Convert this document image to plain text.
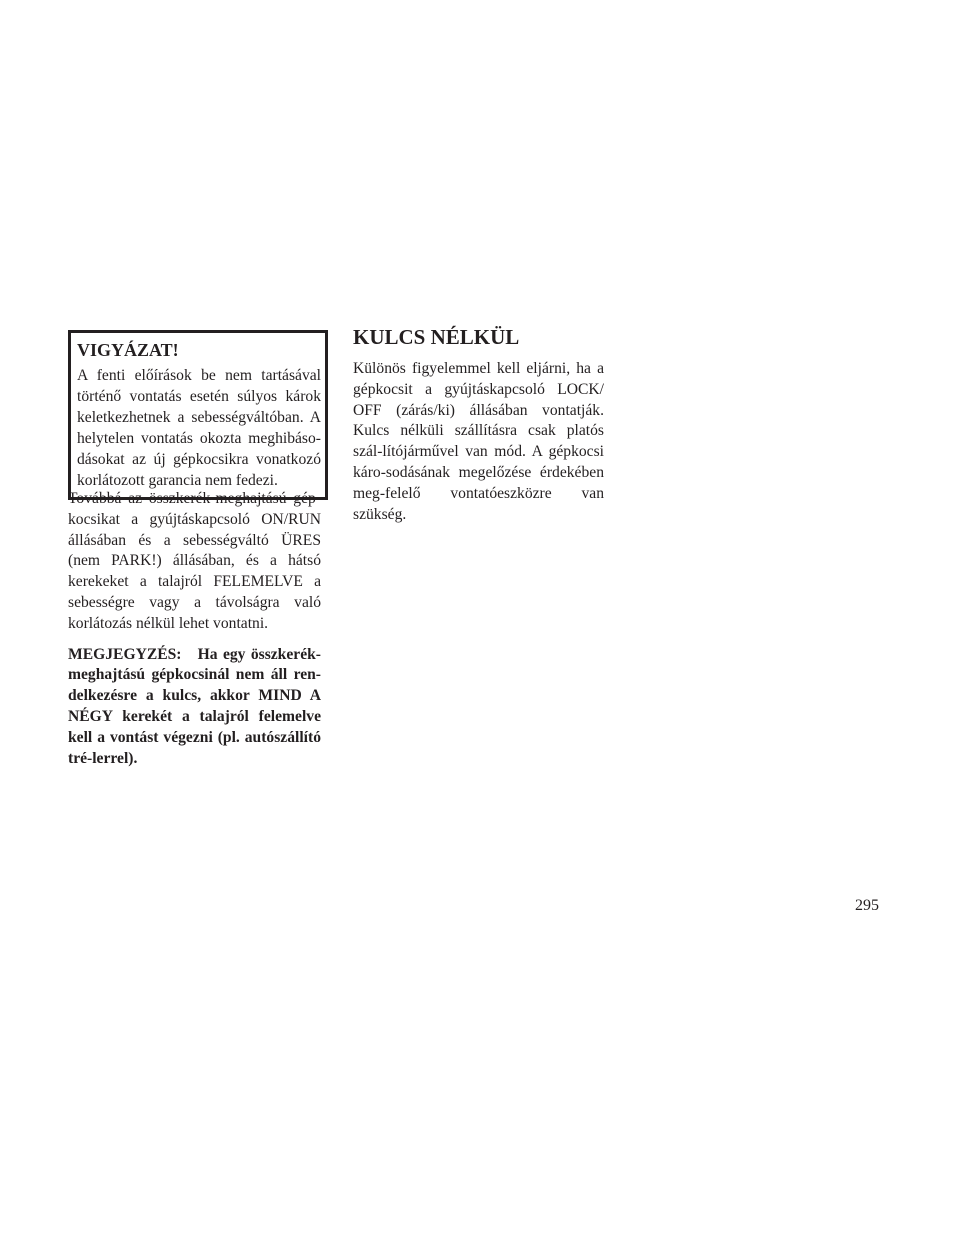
VIGYÁZAT!

A fenti előírások be nem tartásával történő vontatás esetén súlyos károk keletkezhetnek a sebességváltóban. A helytelen vontatás okozta meghibáso-dásokat az új gépkocsikra vonatkozó korlátozott garancia nem fedezi.

Továbbá az összkerék-meghajtású gép-kocsikat a gyújtáskapcsoló ON/RUN állásában és a sebességváltó ÜRES (nem PARK!) állásában, és a hátsó kerekeket a talajról FELEMELVE a sebességre vagy a távolságra való korlátozás nélkül lehet vontatni.

MEGJEGYZÉS: Ha egy összkerék-meghajtású gépkocsinál nem áll ren-delkezésre a kulcs, akkor MIND A NÉGY kerekét a talajról felemelve kell a vontást végezni (pl. autószállító tré-lerrel).

KULCS NÉLKÜL

Különös figyelemmel kell eljárni, ha a gépkocsit a gyújtáskapcsoló LOCK/ OFF (zárás/ki) állásában vontatják. Kulcs nélküli szállításra csak platós szál-lítójárművel van mód. A gépkocsi káro-sodásának megelőzése érdekében meg-felelő vontatóeszközre van szükség.

295
